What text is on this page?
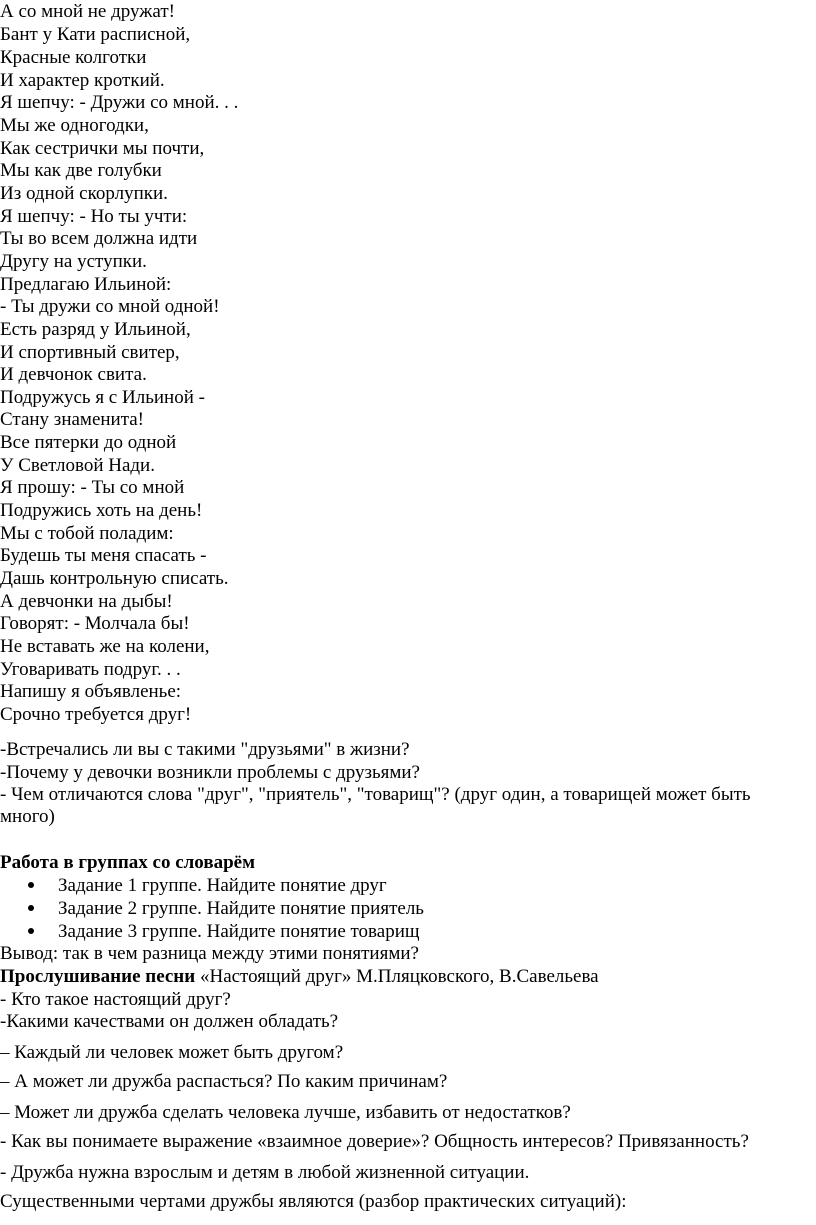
А со мной не дружат!
Бант у Кати расписной,
Красные колготки
И характер кроткий.
Я шепчу: - Дружи со мной. . .
Мы же одногодки,
Как сестрички мы почти,
Мы как две голубки
Из одной скорлупки.
Я шепчу: - Но ты учти:
Ты во всем должна идти
Другу на уступки.
Предлагаю Ильиной:
- Ты дружи со мной одной!
Есть разряд у Ильиной,
И спортивный свитер,
И девчонок свита.
Подружусь я с Ильиной -
Стану знаменита!
Все пятерки до одной
У Светловой Нади.
Я прошу: - Ты со мной
Подружись хоть на день!
Мы с тобой поладим:
Будешь ты меня спасать -
Дашь контрольную списать.
А девчонки на дыбы!
Говорят: - Молчала бы!
Не вставать же на колени,
Уговаривать подруг. . .
Напишу я объявленье:
Срочно требуется друг!
-Встречались ли вы с такими "друзьями" в жизни?
-Почему у девочки возникли проблемы с друзьями?
- Чем отличаются слова "друг", "приятель", "товарищ"? (друг один, а товарищей может быть много)
Работа в группах со словарём
Задание 1 группе. Найдите понятие друг
Задание 2 группе. Найдите понятие приятель
Задание 3 группе. Найдите понятие товарищ
Вывод: так в чем разница между этими понятиями?
Прослушивание песни «Настоящий друг» М.Пляцковского, В.Савельева
- Кто такое настоящий друг?
-Какими качествами он должен обладать?
– Каждый ли человек может быть другом?
– А может ли дружба распасться? По каким причинам?
– Может ли дружба сделать человека лучше, избавить от недостатков?
- Как вы понимаете выражение «взаимное доверие»? Общность интересов? Привязанность?
- Дружба нужна взрослым и детям в любой жизненной ситуации.
Существенными чертами дружбы являются (разбор практических ситуаций):
